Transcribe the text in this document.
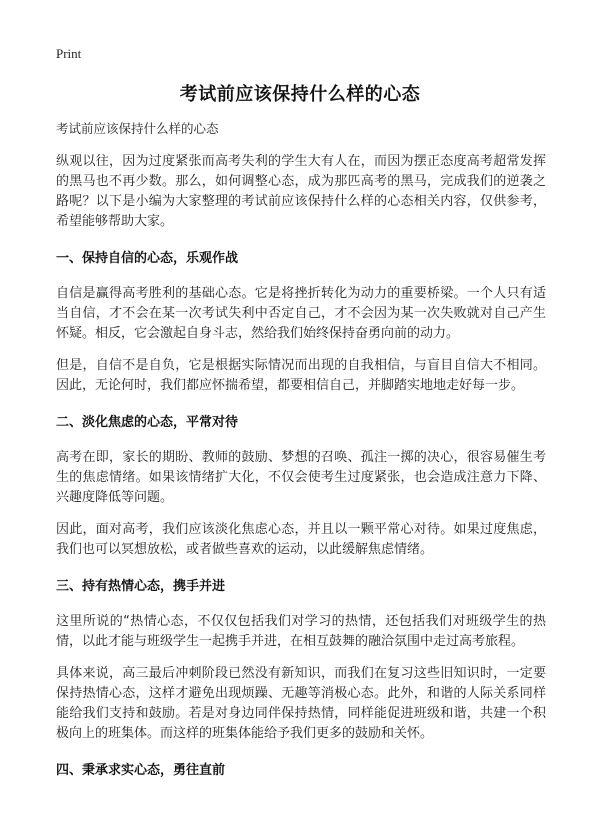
Print
考试前应该保持什么样的心态
考试前应该保持什么样的心态

纵观以往，因为过度紧张而高考失利的学生大有人在，而因为摆正态度高考超常发挥的黑马也不再少数。那么，如何调整心态，成为那匹高考的黑马，完成我们的逆袭之路呢？以下是小编为大家整理的考试前应该保持什么样的心态相关内容，仅供参考，希望能够帮助大家。

一、保持自信的心态，乐观作战

自信是赢得高考胜利的基础心态。它是将挫折转化为动力的重要桥梁。一个人只有适当自信，才不会在某一次考试失利中否定自己，才不会因为某一次失败就对自己产生怀疑。相反，它会激起自身斗志，然给我们始终保持奋勇向前的动力。

但是，自信不是自负，它是根据实际情况而出现的自我相信，与盲目自信大不相同。因此，无论何时，我们都应怀揣希望，都要相信自己，并脚踏实地地走好每一步。

二、淡化焦虑的心态，平常对待

高考在即，家长的期盼、教师的鼓励、梦想的召唤、孤注一掷的决心，很容易催生考生的焦虑情绪。如果该情绪扩大化，不仅会使考生过度紧张，也会造成注意力下降、兴趣度降低等问题。

因此，面对高考，我们应该淡化焦虑心态，并且以一颗平常心对待。如果过度焦虑，我们也可以冥想放松，或者做些喜欢的运动，以此缓解焦虑情绪。

三、持有热情心态，携手并进

这里所说的“热情心态，不仅仅包括我们对学习的热情，还包括我们对班级学生的热情，以此才能与班级学生一起携手并进，在相互鼓舞的融洽氛围中走过高考旅程。

具体来说，高三最后冲刺阶段已然没有新知识，而我们在复习这些旧知识时，一定要保持热情心态，这样才避免出现烦躁、无趣等消极心态。此外，和谐的人际关系同样能给我们支持和鼓励。若是对身边同伴保持热情，同样能促进班级和谐，共建一个积极向上的班集体。而这样的班集体能给予我们更多的鼓励和关怀。

四、秉承求实心态，勇往直前
